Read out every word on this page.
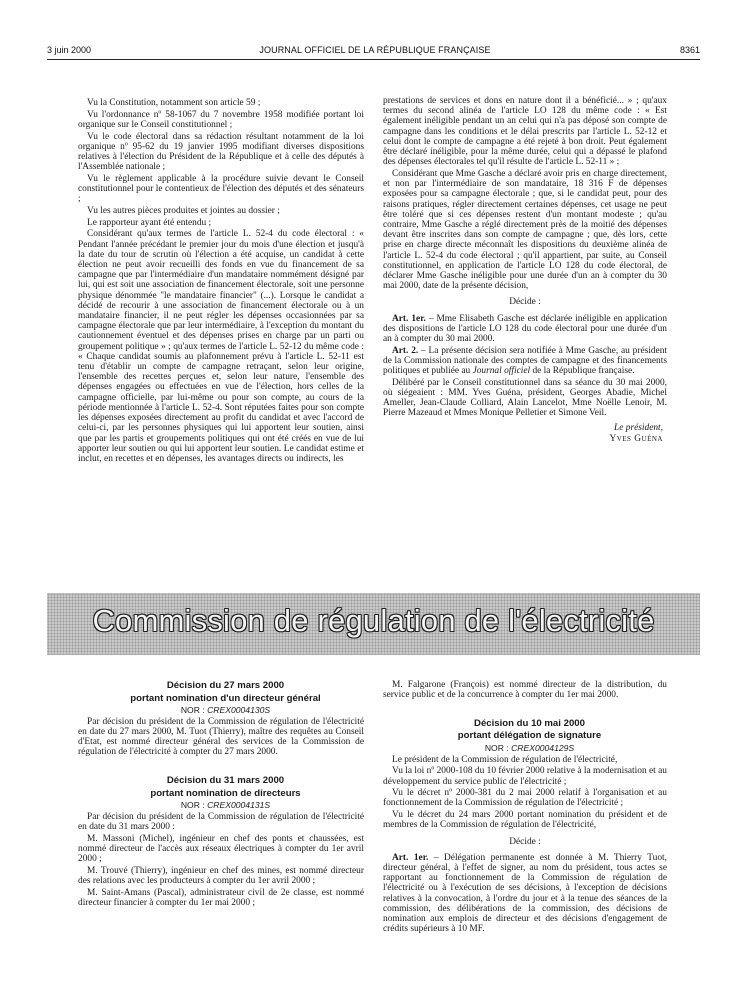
3 juin 2000	JOURNAL OFFICIEL DE LA RÉPUBLIQUE FRANÇAISE	8361

Vu la Constitution, notamment son article 59 ;

Vu l'ordonnance nº 58-1067 du 7 novembre 1958 modifiée portant loi organique sur le Conseil constitutionnel ;

Vu le code électoral dans sa rédaction résultant notamment de la loi organique nº 95-62 du 19 janvier 1995 modifiant diverses dispositions relatives à l'élection du Président de la République et à celle des députés à l'Assemblée nationale ;

Vu le règlement applicable à la procédure suivie devant le Conseil constitutionnel pour le contentieux de l'élection des députés et des sénateurs ;

Vu les autres pièces produites et jointes au dossier ;

Le rapporteur ayant été entendu ;

Considérant qu'aux termes de l'article L. 52-4 du code électoral : « Pendant l'année précédant le premier jour du mois d'une élection et jusqu'à la date du tour de scrutin où l'élection a été acquise, un candidat à cette élection ne peut avoir recueilli des fonds en vue du financement de sa campagne que par l'intermédiaire d'un mandataire nommément désigné par lui, qui est soit une association de financement électorale, soit une personne physique dénommée "le mandataire financier" (...). Lorsque le candidat a décidé de recourir à une association de financement électorale ou à un mandataire financier, il ne peut régler les dépenses occasionnées par sa campagne électorale que par leur intermédiaire, à l'exception du montant du cautionnement éventuel et des dépenses prises en charge par un parti ou groupement politique » ; qu'aux termes de l'article L. 52-12 du même code : « Chaque candidat soumis au plafonnement prévu à l'article L. 52-11 est tenu d'établir un compte de campagne retraçant, selon leur origine, l'ensemble des recettes perçues et, selon leur nature, l'ensemble des dépenses engagées ou effectuées en vue de l'élection, hors celles de la campagne officielle, par lui-même ou pour son compte, au cours de la période mentionnée à l'article L. 52-4. Sont réputées faites pour son compte les dépenses exposées directement au profit du candidat et avec l'accord de celui-ci, par les personnes physiques qui lui apportent leur soutien, ainsi que par les partis et groupements politiques qui ont été créés en vue de lui apporter leur soutien ou qui lui apportent leur soutien. Le candidat estime et inclut, en recettes et en dépenses, les avantages directs ou indirects, les

prestations de services et dons en nature dont il a bénéficié... » ; qu'aux termes du second alinéa de l'article LO 128 du même code : « Est également inéligible pendant un an celui qui n'a pas déposé son compte de campagne dans les conditions et le délai prescrits par l'article L. 52-12 et celui dont le compte de campagne a été rejeté à bon droit. Peut également être déclaré inéligible, pour la même durée, celui qui a dépassé le plafond des dépenses électorales tel qu'il résulte de l'article L. 52-11 » ;

Considérant que Mme Gasche a déclaré avoir pris en charge directement, et non par l'intermédiaire de son mandataire, 18 316 F de dépenses exposées pour sa campagne électorale ; que, si le candidat peut, pour des raisons pratiques, régler directement certaines dépenses, cet usage ne peut être toléré que si ces dépenses restent d'un montant modeste ; qu'au contraire, Mme Gasche a réglé directement près de la moitié des dépenses devant être inscrites dans son compte de campagne ; que, dès lors, cette prise en charge directe méconnaît les dispositions du deuxième alinéa de l'article L. 52-4 du code électoral ; qu'il appartient, par suite, au Conseil constitutionnel, en application de l'article LO 128 du code électoral, de déclarer Mme Gasche inéligible pour une durée d'un an à compter du 30 mai 2000, date de la présente décision,

Décide :

Art. 1er. – Mme Elisabeth Gasche est déclarée inéligible en application des dispositions de l'article LO 128 du code électoral pour une durée d'un an à compter du 30 mai 2000.

Art. 2. – La présente décision sera notifiée à Mme Gasche, au président de la Commission nationale des comptes de campagne et des financements politiques et publiée au Journal officiel de la République française.

Délibéré par le Conseil constitutionnel dans sa séance du 30 mai 2000, où siégeaient : MM. Yves Guéna, président, Georges Abadie, Michel Ameller, Jean-Claude Colliard, Alain Lancelot, Mme Noëlle Lenoir, M. Pierre Mazeaud et Mmes Monique Pelletier et Simone Veil.

Le président,

Yves Guéna

Commission de régulation de l'électricité

Décision du 27 mars 2000

portant nomination d'un directeur général

NOR : CREX0004130S

Par décision du président de la Commission de régulation de l'électricité en date du 27 mars 2000, M. Tuot (Thierry), maître des requêtes au Conseil d'Etat, est nommé directeur général des services de la Commission de régulation de l'électricité à compter du 27 mars 2000.

Décision du 31 mars 2000

portant nomination de directeurs

NOR : CREX0004131S

Par décision du président de la Commission de régulation de l'électricité en date du 31 mars 2000 :

M. Massoni (Michel), ingénieur en chef des ponts et chaussées, est nommé directeur de l'accès aux réseaux électriques à compter du 1er avril 2000 ;

M. Trouvé (Thierry), ingénieur en chef des mines, est nommé directeur des relations avec les producteurs à compter du 1er avril 2000 ;

M. Saint-Amans (Pascal), administrateur civil de 2e classe, est nommé directeur financier à compter du 1er mai 2000 ;

M. Falgarone (François) est nommé directeur de la distribution, du service public et de la concurrence à compter du 1er mai 2000.

Décision du 10 mai 2000

portant délégation de signature

NOR : CREX0004129S

Le président de la Commission de régulation de l'électricité,

Vu la loi nº 2000-108 du 10 février 2000 relative à la modernisation et au développement du service public de l'électricité ;

Vu le décret nº 2000-381 du 2 mai 2000 relatif à l'organisation et au fonctionnement de la Commission de régulation de l'électricité ;

Vu le décret du 24 mars 2000 portant nomination du président et de membres de la Commission de régulation de l'électricité,

Décide :

Art. 1er. – Délégation permanente est donnée à M. Thierry Tuot, directeur général, à l'effet de signer, au nom du président, tous actes se rapportant au fonctionnement de la Commission de régulation de l'électricité ou à l'exécution de ses décisions, à l'exception de décisions relatives à la convocation, à l'ordre du jour et à la tenue des séances de la commission, des délibérations de la commission, des décisions de nomination aux emplois de directeur et des décisions d'engagement de crédits supérieurs à 10 MF.
